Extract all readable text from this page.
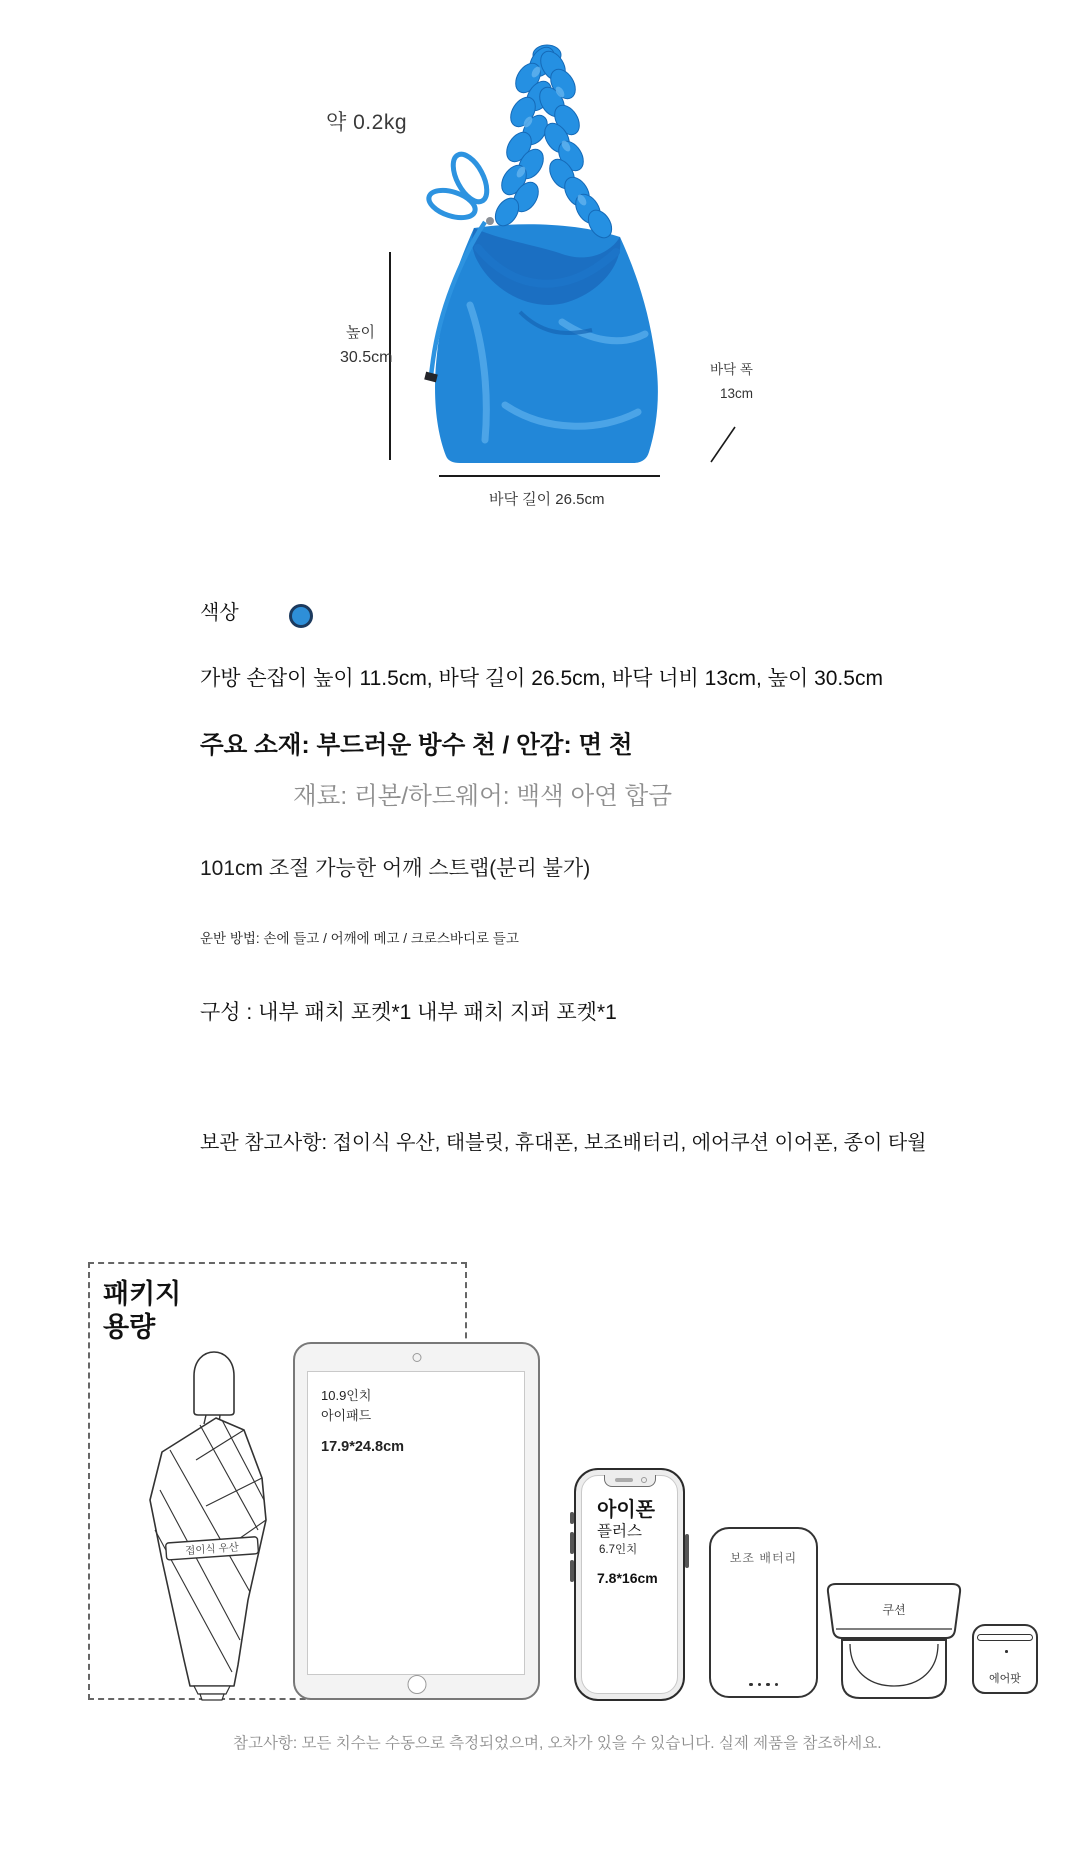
약 0.2kg
높이
30.5cm
바닥 폭
13cm
바닥 길이 26.5cm
색상
가방 손잡이 높이 11.5cm, 바닥 길이 26.5cm, 바닥 너비 13cm, 높이 30.5cm
주요 소재: 부드러운 방수 천 / 안감: 면 천
재료: 리본/하드웨어: 백색 아연 합금
101cm 조절 가능한 어깨 스트랩(분리 불가)
운반 방법: 손에 들고 / 어깨에 메고 / 크로스바디로 들고
구성 : 내부 패치 포켓*1 내부 패치 지퍼 포켓*1
보관 참고사항: 접이식 우산, 태블릿, 휴대폰, 보조배터리, 에어쿠션 이어폰, 종이 타월
패키지
용량
접이식 우산
10.9인치
아이패드
17.9*24.8cm
아이폰
플러스
6.7인치
7.8*16cm
보조 배터리
쿠션
에어팟
참고사항: 모든 치수는 수동으로 측정되었으며, 오차가 있을 수 있습니다. 실제 제품을 참조하세요.
